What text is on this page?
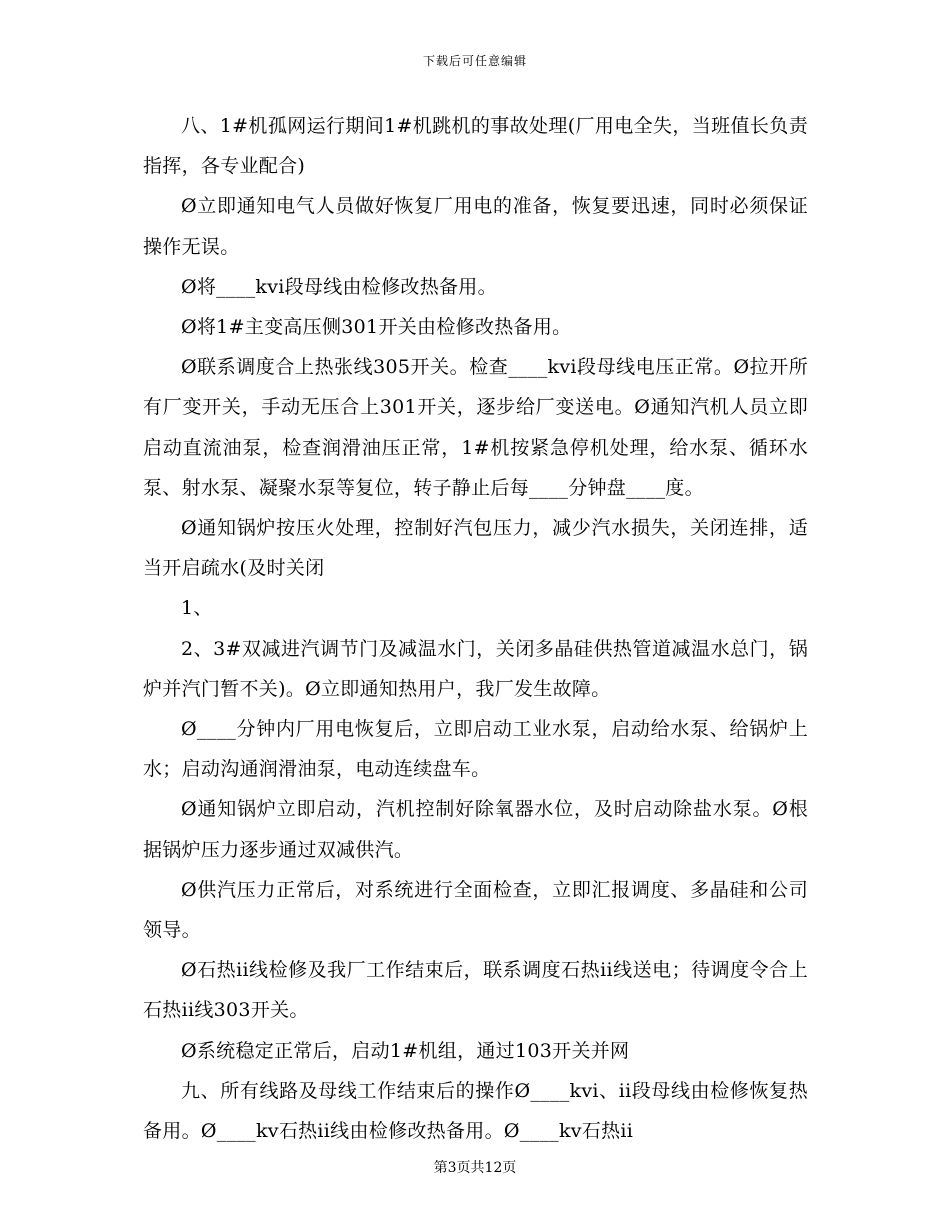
下载后可任意编辑

八、1#机孤网运行期间1#机跳机的事故处理(厂用电全失，当班值长负责指挥，各专业配合)

Ø立即通知电气人员做好恢复厂用电的准备，恢复要迅速，同时必须保证操作无误。

Ø将____kvi段母线由检修改热备用。

Ø将1#主变高压侧301开关由检修改热备用。

Ø联系调度合上热张线305开关。检查____kvi段母线电压正常。Ø拉开所有厂变开关，手动无压合上301开关，逐步给厂变送电。Ø通知汽机人员立即启动直流油泵，检查润滑油压正常，1#机按紧急停机处理，给水泵、循环水泵、射水泵、凝聚水泵等复位，转子静止后每____分钟盘____度。

Ø通知锅炉按压火处理，控制好汽包压力，减少汽水损失，关闭连排，适当开启疏水(及时关闭

1、

2、3#双减进汽调节门及减温水门，关闭多晶硅供热管道减温水总门，锅炉并汽门暂不关)。Ø立即通知热用户，我厂发生故障。

Ø____分钟内厂用电恢复后，立即启动工业水泵，启动给水泵、给锅炉上水；启动沟通润滑油泵，电动连续盘车。

Ø通知锅炉立即启动，汽机控制好除氧器水位，及时启动除盐水泵。Ø根据锅炉压力逐步通过双减供汽。

Ø供汽压力正常后，对系统进行全面检查，立即汇报调度、多晶硅和公司领导。

Ø石热ii线检修及我厂工作结束后，联系调度石热ii线送电；待调度令合上石热ii线303开关。

Ø系统稳定正常后，启动1#机组，通过103开关并网

九、所有线路及母线工作结束后的操作Ø____kvi、ii段母线由检修恢复热备用。Ø____kv石热ii线由检修改热备用。Ø____kv石热ii

第3页共12页
